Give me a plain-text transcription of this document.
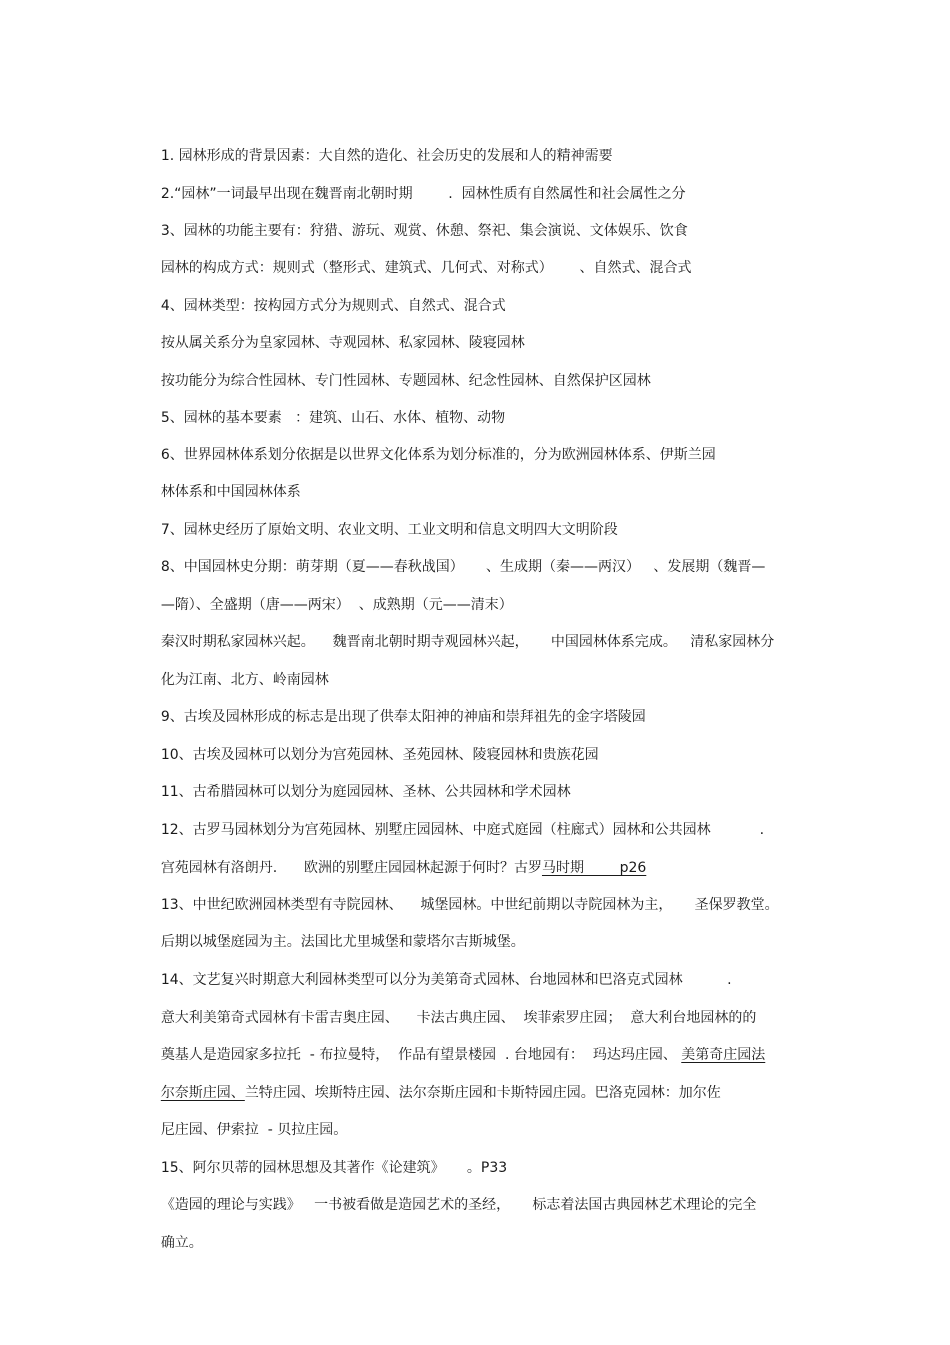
1. 园林形成的背景因素：大自然的造化、社会历史的发展和人的精神需要

2.“园林”一词最早出现在魏晋南北朝时期        .  园林性质有自然属性和社会属性之分

3、园林的功能主要有：狩猎、游玩、观赏、休憩、祭祀、集会演说、文体娱乐、饮食

园林的构成方式：规则式（整形式、建筑式、几何式、对称式）      、自然式、混合式

4、园林类型：按构园方式分为规则式、自然式、混合式

按从属关系分为皇家园林、寺观园林、私家园林、陵寝园林

按功能分为综合性园林、专门性园林、专题园林、纪念性园林、自然保护区园林

5、园林的基本要素   ：建筑、山石、水体、植物、动物

6、世界园林体系划分依据是以世界文化体系为划分标准的，分为欧洲园林体系、伊斯兰园

林体系和中国园林体系

7、园林史经历了原始文明、农业文明、工业文明和信息文明四大文明阶段

8、中国园林史分期：萌芽期（夏——春秋战国）     、生成期（秦——两汉）   、发展期（魏晋—

—隋）、全盛期（唐——两宋）  、成熟期（元——清末）

秦汉时期私家园林兴起。    魏晋南北朝时期寺观园林兴起，     中国园林体系完成。   清私家园林分

化为江南、北方、岭南园林

9、古埃及园林形成的标志是出现了供奉太阳神的神庙和崇拜祖先的金字塔陵园

10、古埃及园林可以划分为宫苑园林、圣苑园林、陵寝园林和贵族花园

11、古希腊园林可以划分为庭园园林、圣林、公共园林和学术园林

12、古罗马园林划分为宫苑园林、别墅庄园园林、中庭式庭园（柱廊式）园林和公共园林           .

宫苑园林有洛朗丹.      欧洲的别墅庄园园林起源于何时？古罗马时期        p26

13、中世纪欧洲园林类型有寺院园林、    城堡园林。中世纪前期以寺院园林为主，     圣保罗教堂。

后期以城堡庭园为主。法国比尤里城堡和蒙塔尔吉斯城堡。

14、文艺复兴时期意大利园林类型可以分为美第奇式园林、台地园林和巴洛克式园林          .

意大利美第奇式园林有卡雷吉奥庄园、    卡法古典庄园、  埃菲索罗庄园；  意大利台地园林的的

奠基人是造园家多拉托  - 布拉曼特，  作品有望景楼园  . 台地园有：  玛达玛庄园、 美第奇庄园法

尔奈斯庄园、兰特庄园、埃斯特庄园、法尔奈斯庄园和卡斯特园庄园。巴洛克园林：加尔佐

尼庄园、伊索拉  - 贝拉庄园。

15、阿尔贝蒂的园林思想及其著作《论建筑》     。P33

《造园的理论与实践》   一书被看做是造园艺术的圣经，     标志着法国古典园林艺术理论的完全

确立。
